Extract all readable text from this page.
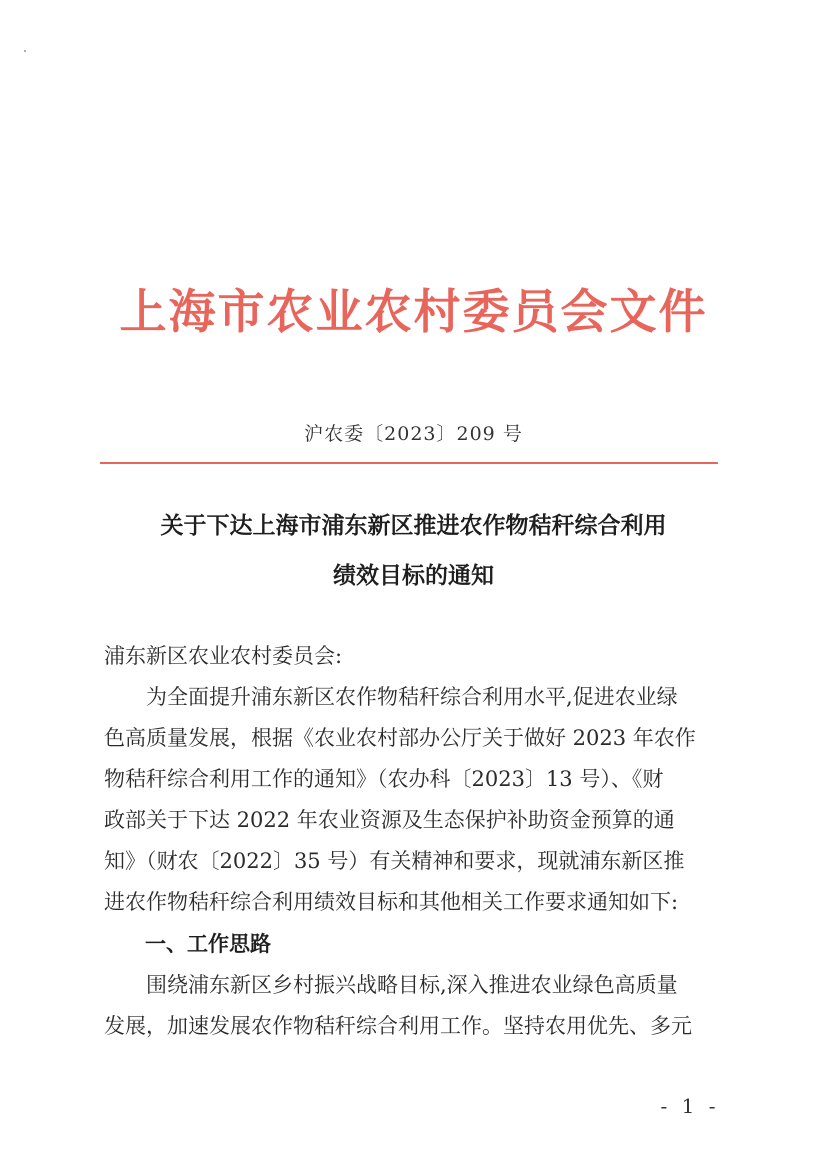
上海市农业农村委员会文件
沪农委〔2023〕209 号
关于下达上海市浦东新区推进农作物秸秆综合利用
绩效目标的通知
浦东新区农业农村委员会:
为全面提升浦东新区农作物秸秆综合利用水平,促进农业绿
色高质量发展，根据《农业农村部办公厅关于做好 2023 年农作
物秸秆综合利用工作的通知》（农办科〔2023〕13 号）、《财
政部关于下达 2022 年农业资源及生态保护补助资金预算的通
知》（财农〔2022〕35 号）有关精神和要求，现就浦东新区推
进农作物秸秆综合利用绩效目标和其他相关工作要求通知如下:
一、工作思路
围绕浦东新区乡村振兴战略目标,深入推进农业绿色高质量
发展，加速发展农作物秸秆综合利用工作。坚持农用优先、多元
- 1 -
